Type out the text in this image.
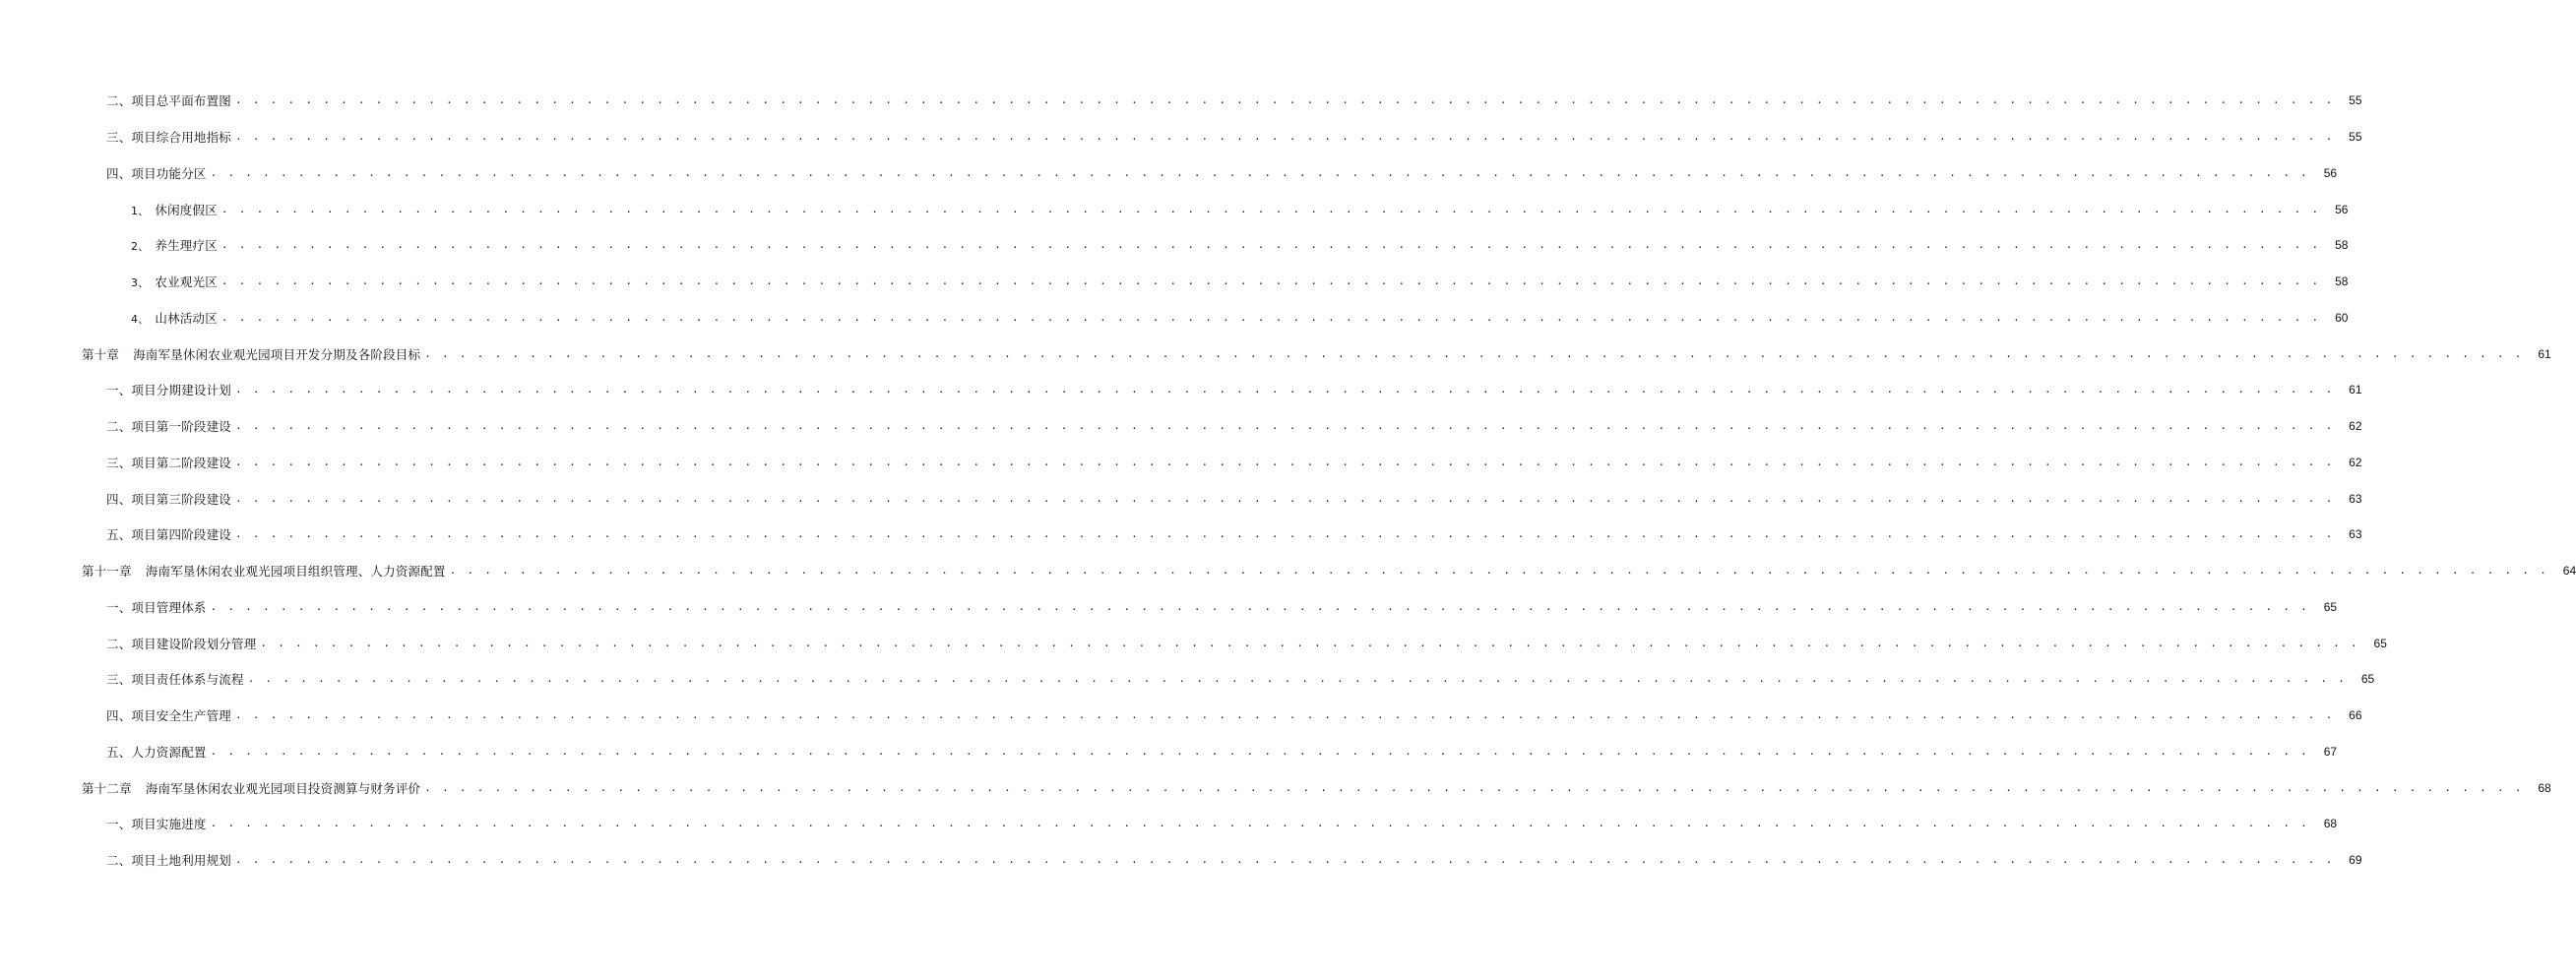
二、项目总平面布置图 . . . . . . . . . . . . . . . . . . . . . . . . . . . . . . . . . . . . . . . . . . . . . . . . . . . . . . . . . . . . . . . . . . . . . . . . . . . . . . . . . . . . . . . . . . . . . . . . . . . . . . . . . . . . . . . . . . . . . . . .	55
三、项目综合用地指标 . . . . . . . . . . . . . . . . . . . . . . . . . . . . . . . . . . . . . . . . . . . . . . . . . . . . . . . . . . . . . . . . . . . . . . . . . . . . . . . . . . . . . . . . . . . . . . . . . . . . . . . . . . . . . . . . . . . . . . . .	55
四、项目功能分区 . . . . . . . . . . . . . . . . . . . . . . . . . . . . . . . . . . . . . . . . . . . . . . . . . . . . . . . . . . . . . . . . . . . . . . . . . . . . . . . . . . . . . . . . . . . . . . . . . . . . . . . . . . . . . . . . . . . . . . . .	56
1、 休闲度假区 . . . . . . . . . . . . . . . . . . . . . . . . . . . . . . . . . . . . . . . . . . . . . . . . . . . . . . . . . . . . . . . . . . . . . . . . . . . . . . . . . . . . . . . . . . . . . . . . . . . . . . . . . . . . . . . . . . . . . . . .	56
2、 养生理疗区 . . . . . . . . . . . . . . . . . . . . . . . . . . . . . . . . . . . . . . . . . . . . . . . . . . . . . . . . . . . . . . . . . . . . . . . . . . . . . . . . . . . . . . . . . . . . . . . . . . . . . . . . . . . . . . . . . . . . . . . .	58
3、 农业观光区 . . . . . . . . . . . . . . . . . . . . . . . . . . . . . . . . . . . . . . . . . . . . . . . . . . . . . . . . . . . . . . . . . . . . . . . . . . . . . . . . . . . . . . . . . . . . . . . . . . . . . . . . . . . . . . . . . . . . . . . .	58
4、 山林活动区 . . . . . . . . . . . . . . . . . . . . . . . . . . . . . . . . . . . . . . . . . . . . . . . . . . . . . . . . . . . . . . . . . . . . . . . . . . . . . . . . . . . . . . . . . . . . . . . . . . . . . . . . . . . . . . . . . . . . . . . .	60
第十章 海南军垦休闲农业观光园项目开发分期及各阶段目标 . . . . . . . . . . . . . . . . . . . . . . . . . . . . . . . . . . . . . . . . . . . . . . . . . . . . . . . . . . . . . . . . . . . . . . . . . . . . . . . . . . . . . . . . . . . . . . . . . . . . . . . . . . . . . . . . . . . . . . . .	61
一、项目分期建设计划 . . . . . . . . . . . . . . . . . . . . . . . . . . . . . . . . . . . . . . . . . . . . . . . . . . . . . . . . . . . . . . . . . . . . . . . . . . . . . . . . . . . . . . . . . . . . . . . . . . . . . . . . . . . . . . . . . . . . . . . .	61
二、项目第一阶段建设 . . . . . . . . . . . . . . . . . . . . . . . . . . . . . . . . . . . . . . . . . . . . . . . . . . . . . . . . . . . . . . . . . . . . . . . . . . . . . . . . . . . . . . . . . . . . . . . . . . . . . . . . . . . . . . . . . . . . . . . .	62
三、项目第二阶段建设 . . . . . . . . . . . . . . . . . . . . . . . . . . . . . . . . . . . . . . . . . . . . . . . . . . . . . . . . . . . . . . . . . . . . . . . . . . . . . . . . . . . . . . . . . . . . . . . . . . . . . . . . . . . . . . . . . . . . . . . .	62
四、项目第三阶段建设 . . . . . . . . . . . . . . . . . . . . . . . . . . . . . . . . . . . . . . . . . . . . . . . . . . . . . . . . . . . . . . . . . . . . . . . . . . . . . . . . . . . . . . . . . . . . . . . . . . . . . . . . . . . . . . . . . . . . . . . .	63
五、项目第四阶段建设 . . . . . . . . . . . . . . . . . . . . . . . . . . . . . . . . . . . . . . . . . . . . . . . . . . . . . . . . . . . . . . . . . . . . . . . . . . . . . . . . . . . . . . . . . . . . . . . . . . . . . . . . . . . . . . . . . . . . . . . .	63
第十一章 海南军垦休闲农业观光园项目组织管理、人力资源配置 . . . . . . . . . . . . . . . . . . . . . . . . . . . . . . . . . . . . . . . . . . . . . . . . . . . . . . . . . . . . . . . . . . . . . . . . . . . . . . . . . . . . . . . . . . . . . . . . . . . . . . . . . . . . . . . . . . . . . . . .	64
一、项目管理体系 . . . . . . . . . . . . . . . . . . . . . . . . . . . . . . . . . . . . . . . . . . . . . . . . . . . . . . . . . . . . . . . . . . . . . . . . . . . . . . . . . . . . . . . . . . . . . . . . . . . . . . . . . . . . . . . . . . . . . . . .	65
二、项目建设阶段划分管理 . . . . . . . . . . . . . . . . . . . . . . . . . . . . . . . . . . . . . . . . . . . . . . . . . . . . . . . . . . . . . . . . . . . . . . . . . . . . . . . . . . . . . . . . . . . . . . . . . . . . . . . . . . . . . . . . . . . . . . . .	65
三、项目责任体系与流程 . . . . . . . . . . . . . . . . . . . . . . . . . . . . . . . . . . . . . . . . . . . . . . . . . . . . . . . . . . . . . . . . . . . . . . . . . . . . . . . . . . . . . . . . . . . . . . . . . . . . . . . . . . . . . . . . . . . . . . . .	65
四、项目安全生产管理 . . . . . . . . . . . . . . . . . . . . . . . . . . . . . . . . . . . . . . . . . . . . . . . . . . . . . . . . . . . . . . . . . . . . . . . . . . . . . . . . . . . . . . . . . . . . . . . . . . . . . . . . . . . . . . . . . . . . . . . .	66
五、人力资源配置 . . . . . . . . . . . . . . . . . . . . . . . . . . . . . . . . . . . . . . . . . . . . . . . . . . . . . . . . . . . . . . . . . . . . . . . . . . . . . . . . . . . . . . . . . . . . . . . . . . . . . . . . . . . . . . . . . . . . . . . .	67
第十二章 海南军垦休闲农业观光园项目投资测算与财务评价 . . . . . . . . . . . . . . . . . . . . . . . . . . . . . . . . . . . . . . . . . . . . . . . . . . . . . . . . . . . . . . . . . . . . . . . . . . . . . . . . . . . . . . . . . . . . . . . . . . . . . . . . . . . . . . . . . . . . . . . .	68
一、项目实施进度 . . . . . . . . . . . . . . . . . . . . . . . . . . . . . . . . . . . . . . . . . . . . . . . . . . . . . . . . . . . . . . . . . . . . . . . . . . . . . . . . . . . . . . . . . . . . . . . . . . . . . . . . . . . . . . . . . . . . . . . .	68
二、项目土地利用规划 . . . . . . . . . . . . . . . . . . . . . . . . . . . . . . . . . . . . . . . . . . . . . . . . . . . . . . . . . . . . . . . . . . . . . . . . . . . . . . . . . . . . . . . . . . . . . . . . . . . . . . . . . . . . . . . . . . . . . . . .	69
